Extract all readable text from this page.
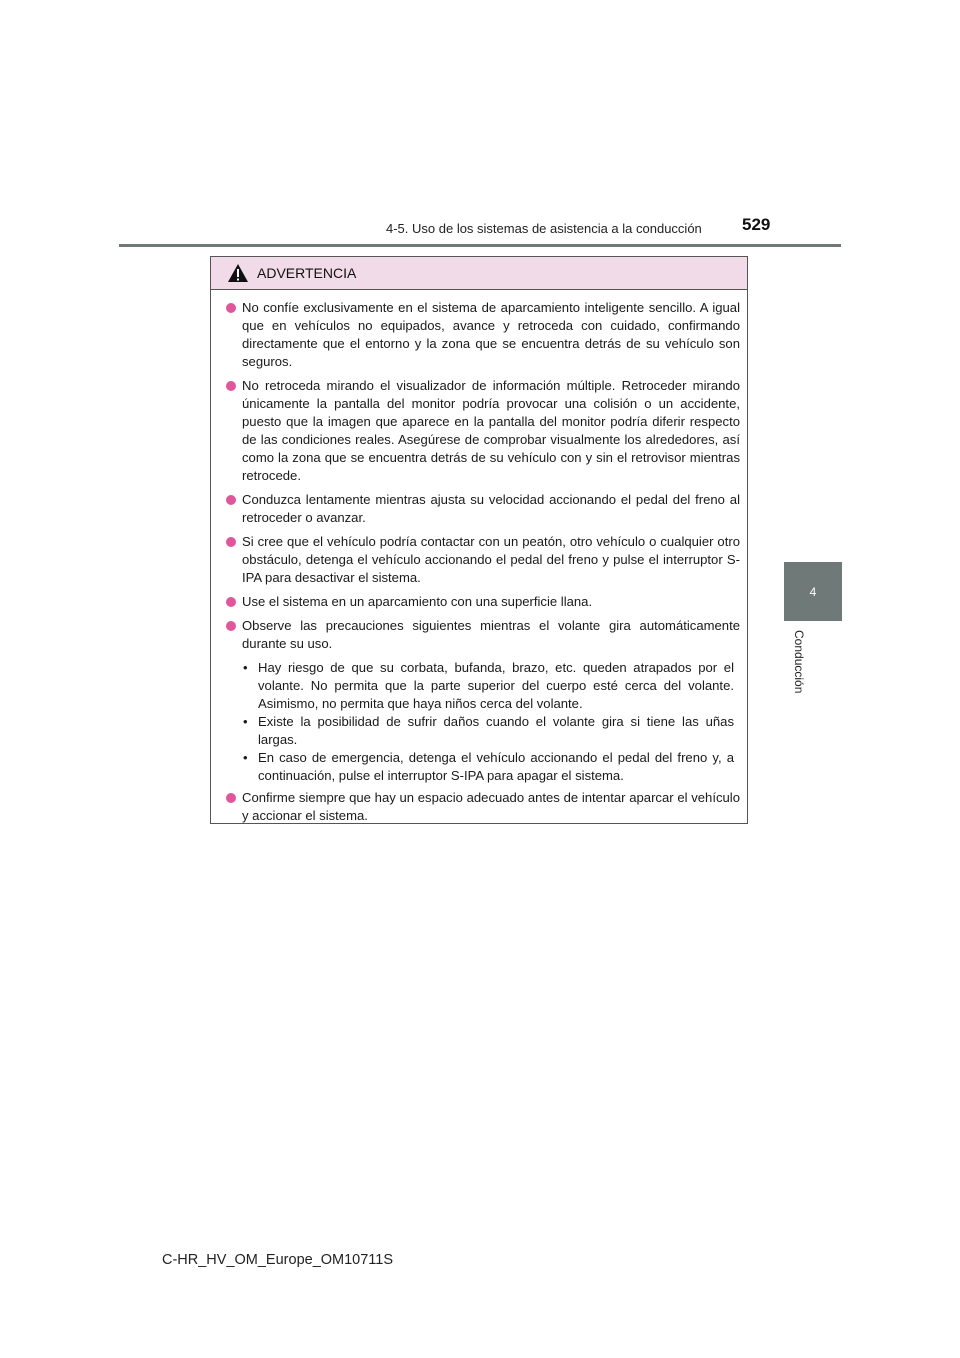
4-5. Uso de los sistemas de asistencia a la conducción 529
4
Conducción
ADVERTENCIA
No confíe exclusivamente en el sistema de aparcamiento inteligente sencillo. A igual que en vehículos no equipados, avance y retroceda con cuidado, confirmando directamente que el entorno y la zona que se encuentra detrás de su vehículo son seguros.
No retroceda mirando el visualizador de información múltiple. Retroceder mirando únicamente la pantalla del monitor podría provocar una colisión o un accidente, puesto que la imagen que aparece en la pantalla del monitor podría diferir respecto de las condiciones reales. Asegúrese de comprobar visualmente los alrededores, así como la zona que se encuentra detrás de su vehículo con y sin el retrovisor mientras retrocede.
Conduzca lentamente mientras ajusta su velocidad accionando el pedal del freno al retroceder o avanzar.
Si cree que el vehículo podría contactar con un peatón, otro vehículo o cualquier otro obstáculo, detenga el vehículo accionando el pedal del freno y pulse el interruptor S-IPA para desactivar el sistema.
Use el sistema en un aparcamiento con una superficie llana.
Observe las precauciones siguientes mientras el volante gira automáticamente durante su uso.
• Hay riesgo de que su corbata, bufanda, brazo, etc. queden atrapados por el volante. No permita que la parte superior del cuerpo esté cerca del volante. Asimismo, no permita que haya niños cerca del volante.
• Existe la posibilidad de sufrir daños cuando el volante gira si tiene las uñas largas.
• En caso de emergencia, detenga el vehículo accionando el pedal del freno y, a continuación, pulse el interruptor S-IPA para apagar el sistema.
Confirme siempre que hay un espacio adecuado antes de intentar aparcar el vehículo y accionar el sistema.
C-HR_HV_OM_Europe_OM10711S
